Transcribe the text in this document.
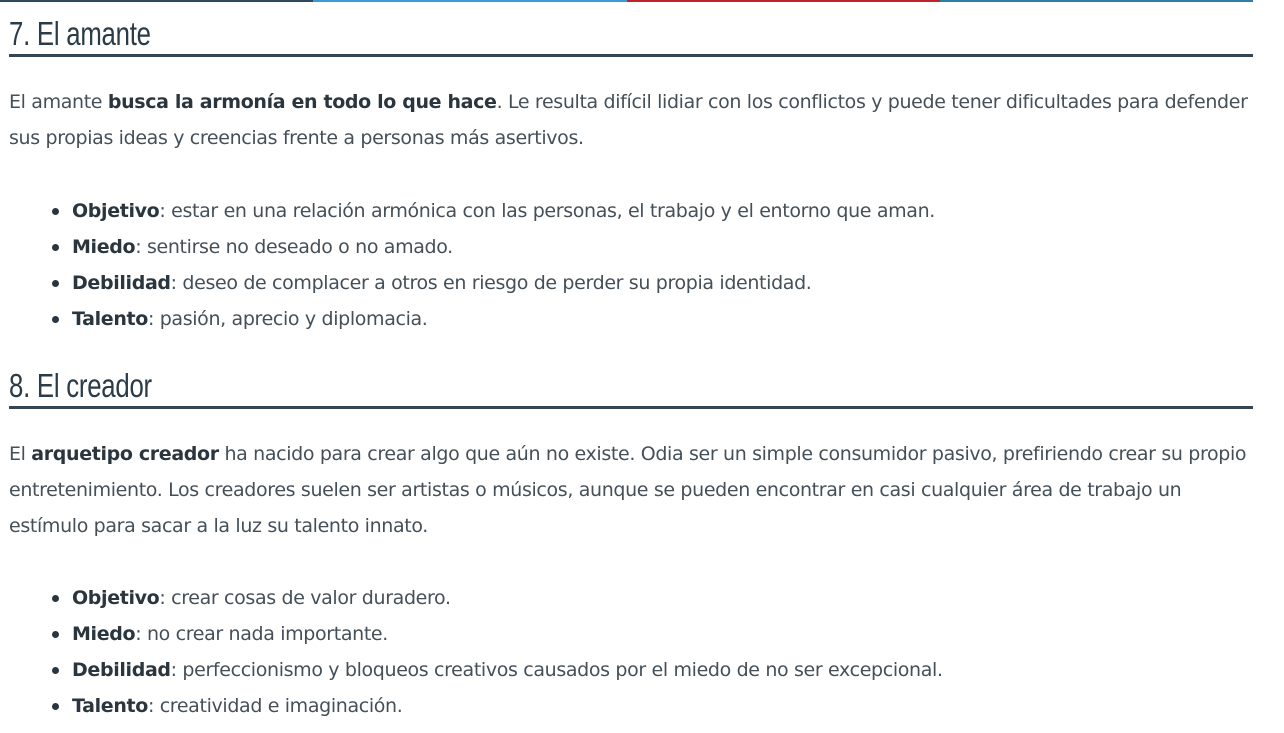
7. El amante

El amante busca la armonía en todo lo que hace. Le resulta difícil lidiar con los conflictos y puede tener dificultades para defender sus propias ideas y creencias frente a personas más asertivos.

Objetivo: estar en una relación armónica con las personas, el trabajo y el entorno que aman.
Miedo: sentirse no deseado o no amado.
Debilidad: deseo de complacer a otros en riesgo de perder su propia identidad.
Talento: pasión, aprecio y diplomacia.
8. El creador

El arquetipo creador ha nacido para crear algo que aún no existe. Odia ser un simple consumidor pasivo, prefiriendo crear su propio entretenimiento. Los creadores suelen ser artistas o músicos, aunque se pueden encontrar en casi cualquier área de trabajo un estímulo para sacar a la luz su talento innato.

Objetivo: crear cosas de valor duradero.
Miedo: no crear nada importante.
Debilidad: perfeccionismo y bloqueos creativos causados por el miedo de no ser excepcional.
Talento: creatividad e imaginación.
